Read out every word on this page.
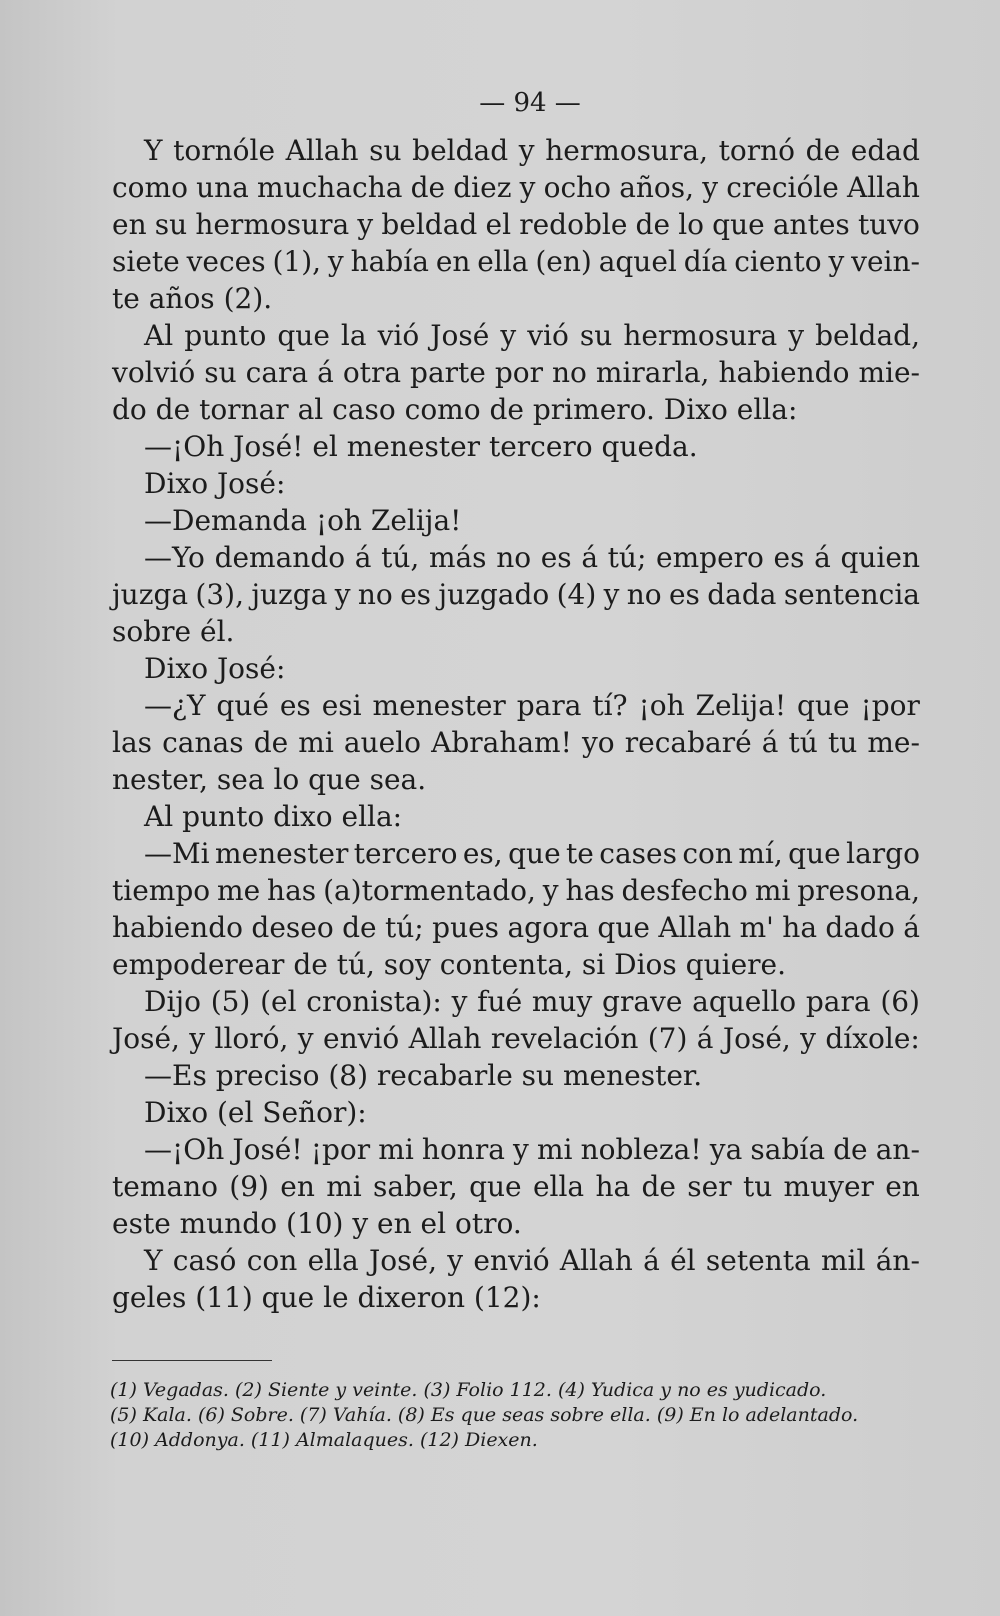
— 94 —
Y tornóle Allah su beldad y hermosura, tornó de edad
como una muchacha de diez y ocho años, y crecióle Allah
en su hermosura y beldad el redoble de lo que antes tuvo
siete veces (1), y había en ella (en) aquel día ciento y vein-
te años (2).
Al punto que la vió José y vió su hermosura y beldad,
volvió su cara á otra parte por no mirarla, habiendo mie-
do de tornar al caso como de primero. Dixo ella:
—¡Oh José! el menester tercero queda.
Dixo José:
—Demanda ¡oh Zelija!
—Yo demando á tú, más no es á tú; empero es á quien
juzga (3), juzga y no es juzgado (4) y no es dada sentencia
sobre él.
Dixo José:
—¿Y qué es esi menester para tí? ¡oh Zelija! que ¡por
las canas de mi auelo Abraham! yo recabaré á tú tu me-
nester, sea lo que sea.
Al punto dixo ella:
—Mi menester tercero es, que te cases con mí, que largo
tiempo me has (a)tormentado, y has desfecho mi presona,
habiendo deseo de tú; pues agora que Allah m' ha dado á
empoderear de tú, soy contenta, si Dios quiere.
Dijo (5) (el cronista): y fué muy grave aquello para (6)
José, y lloró, y envió Allah revelación (7) á José, y díxole:
—Es preciso (8) recabarle su menester.
Dixo (el Señor):
—¡Oh José! ¡por mi honra y mi nobleza! ya sabía de an-
temano (9) en mi saber, que ella ha de ser tu muyer en
este mundo (10) y en el otro.
Y casó con ella José, y envió Allah á él setenta mil án-
geles (11) que le dixeron (12):
(1) Vegadas. (2) Siente y veinte. (3) Folio 112. (4) Yudica y no es yudicado.
(5) Kala. (6) Sobre. (7) Vahía. (8) Es que seas sobre ella. (9) En lo adelantado.
(10) Addonya. (11) Almalaques. (12) Diexen.
